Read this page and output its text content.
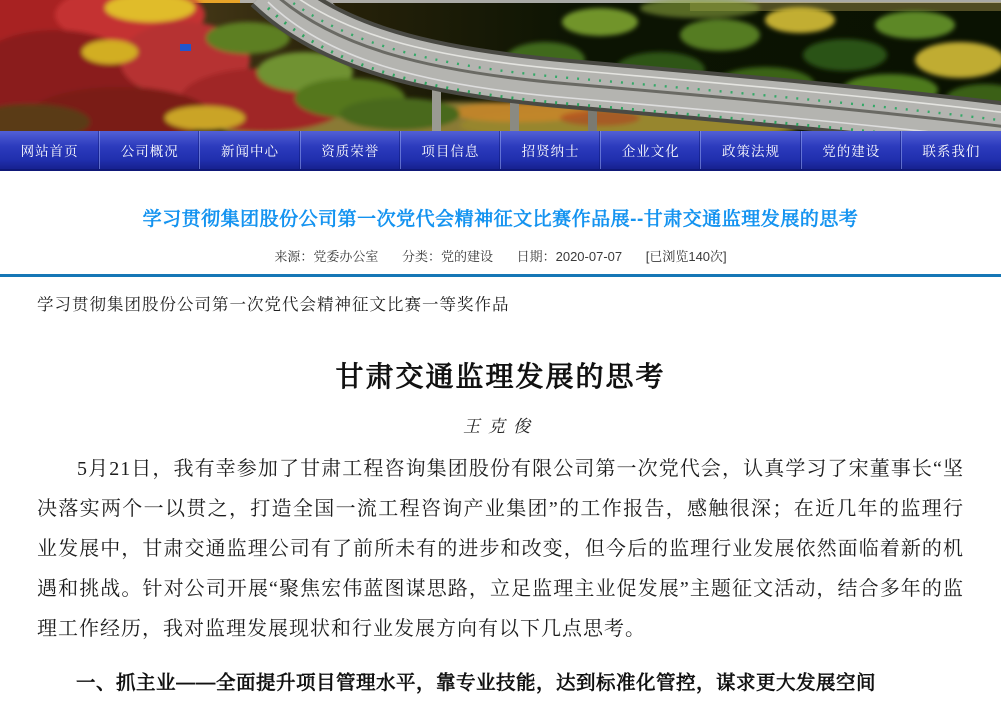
网站首页	公司概况	新闻中心	资质荣誉	项目信息	招贤纳士	企业文化	政策法规	党的建设	联系我们
学习贯彻集团股份公司第一次党代会精神征文比赛作品展--甘肃交通监理发展的思考
来源：党委办公室 分类：党的建设 日期：2020-07-07 [已浏览140次]
学习贯彻集团股份公司第一次党代会精神征文比赛一等奖作品
甘肃交通监理发展的思考
王克俊

5月21日，我有幸参加了甘肃工程咨询集团股份有限公司第一次党代会，认真学习了宋董事长“坚决落实两个一以贯之，打造全国一流工程咨询产业集团”的工作报告，感触很深；在近几年的监理行业发展中，甘肃交通监理公司有了前所未有的进步和改变，但今后的监理行业发展依然面临着新的机遇和挑战。针对公司开展“聚焦宏伟蓝图谋思路，立足监理主业促发展”主题征文活动，结合多年的监理工作经历，我对监理发展现状和行业发展方向有以下几点思考。

一、抓主业——全面提升项目管理水平，靠专业技能，达到标准化管控，谋求更大发展空间
